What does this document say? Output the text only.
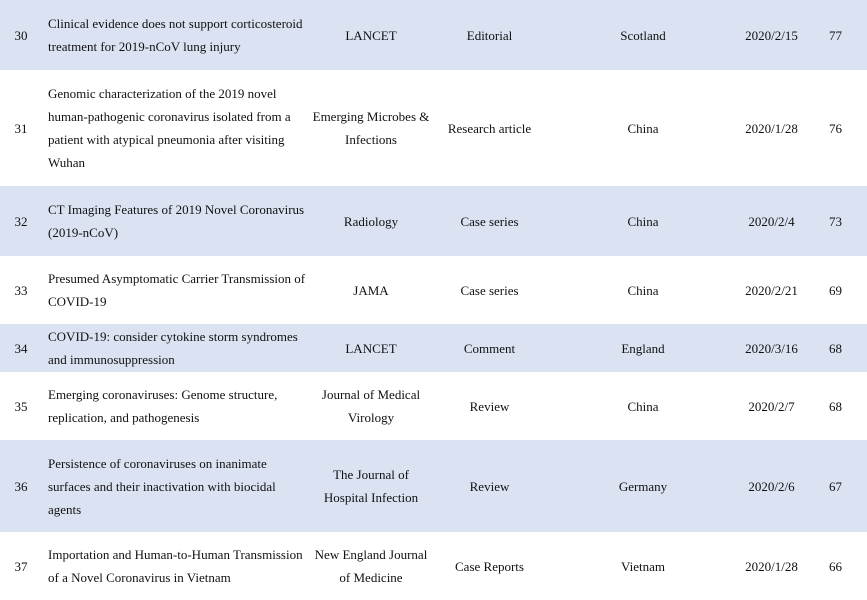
30	Clinical evidence does not support corticosteroid treatment for 2019-nCoV lung injury	LANCET	Editorial	Scotland	2020/2/15	77
31	Genomic characterization of the 2019 novel human-pathogenic coronavirus isolated from a patient with atypical pneumonia after visiting Wuhan	Emerging Microbes & Infections	Research article	China	2020/1/28	76
32	CT Imaging Features of 2019 Novel Coronavirus (2019-nCoV)	Radiology	Case series	China	2020/2/4	73
33	Presumed Asymptomatic Carrier Transmission of COVID-19	JAMA	Case series	China	2020/2/21	69
34	COVID-19: consider cytokine storm syndromes and immunosuppression	LANCET	Comment	England	2020/3/16	68
35	Emerging coronaviruses: Genome structure, replication, and pathogenesis	Journal of Medical Virology	Review	China	2020/2/7	68
36	Persistence of coronaviruses on inanimate surfaces and their inactivation with biocidal agents	The Journal of Hospital Infection	Review	Germany	2020/2/6	67
37	Importation and Human-to-Human Transmission of a Novel Coronavirus in Vietnam	New England Journal of Medicine	Case Reports	Vietnam	2020/1/28	66
